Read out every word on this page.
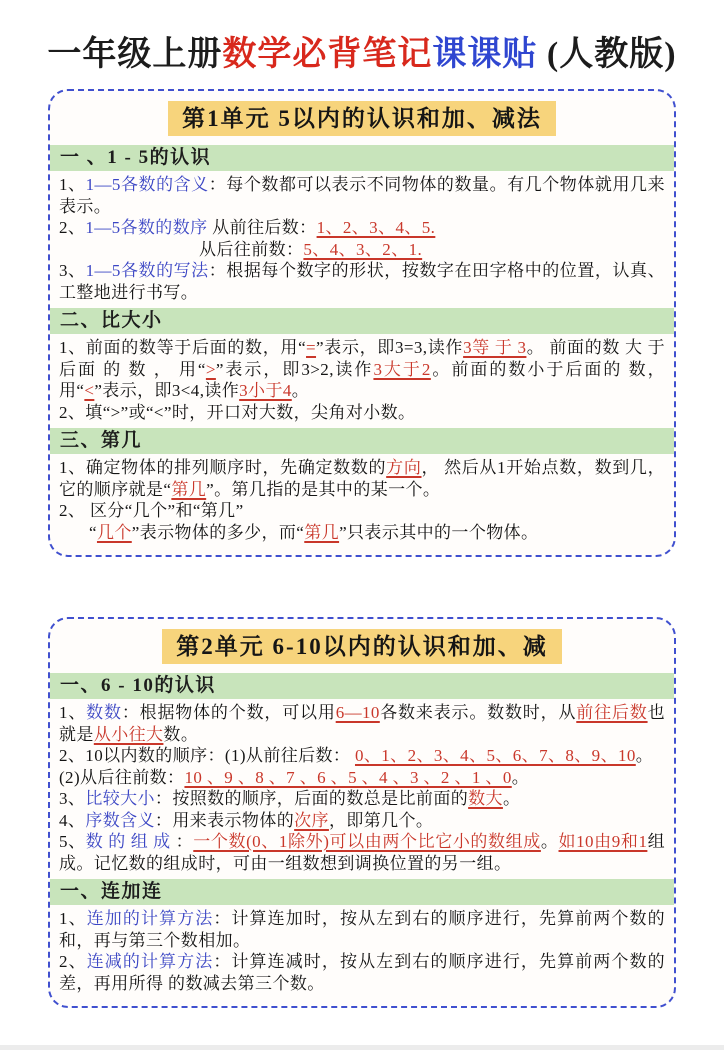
一年级上册数学必背笔记课课贴 (人教版)
第1单元 5以内的认识和加、减法
一 、1 - 5的认识
1、1—5各数的含义：每个数都可以表示不同物体的数量。有几个物体就用几来表示。
2、1—5各数的数序 从前往后数：1、2、3、4、5.
从后往前数：5、4、3、2、1.
3、1—5各数的写法：根据每个数字的形状，按数字在田字格中的位置，认真、工整地进行书写。
二、比大小
1、前面的数等于后面的数，用“=”表示，即3=3,读作3等 于 3。 前面的数 大 于 后面 的 数 ， 用“>”表示，即3>2,读作3大于2。前面的数小于后面的 数， 用“<”表示，即3<4,读作3小于4。
2、填“>”或“<”时，开口对大数，尖角对小数。
三、第几
1、确定物体的排列顺序时，先确定数数的方向， 然后从1开始点数，数到几，它的顺序就是“第几”。第几指的是其中的某一个。
2、 区分“几个”和“第几”
“几个”表示物体的多少，而“第几”只表示其中的一个物体。
第2单元 6-10以内的认识和加、减
一、6 - 10的认识
1、数数：根据物体的个数，可以用6—10各数来表示。数数时，从前往后数也 就是从小往大数。
2、10以内数的顺序：(1)从前往后数： 0、1、2、3、4、5、6、7、8、9、10。
(2)从后往前数：10 、9 、8 、7 、6 、5 、4 、3 、2 、1 、0。
3、比较大小：按照数的顺序，后面的数总是比前面的数大。
4、序数含义：用来表示物体的次序，即第几个。
5、数 的 组 成 ：一个数(0、1除外)可以由两个比它小的数组成。如10由9和1组成。记忆数的组成时，可由一组数想到调换位置的另一组。
一、连加连
1、连加的计算方法：计算连加时，按从左到右的顺序进行，先算前两个数的和，再与第三个数相加。
2、连减的计算方法：计算连减时，按从左到右的顺序进行，先算前两个数的差，再用所得 的数减去第三个数。
